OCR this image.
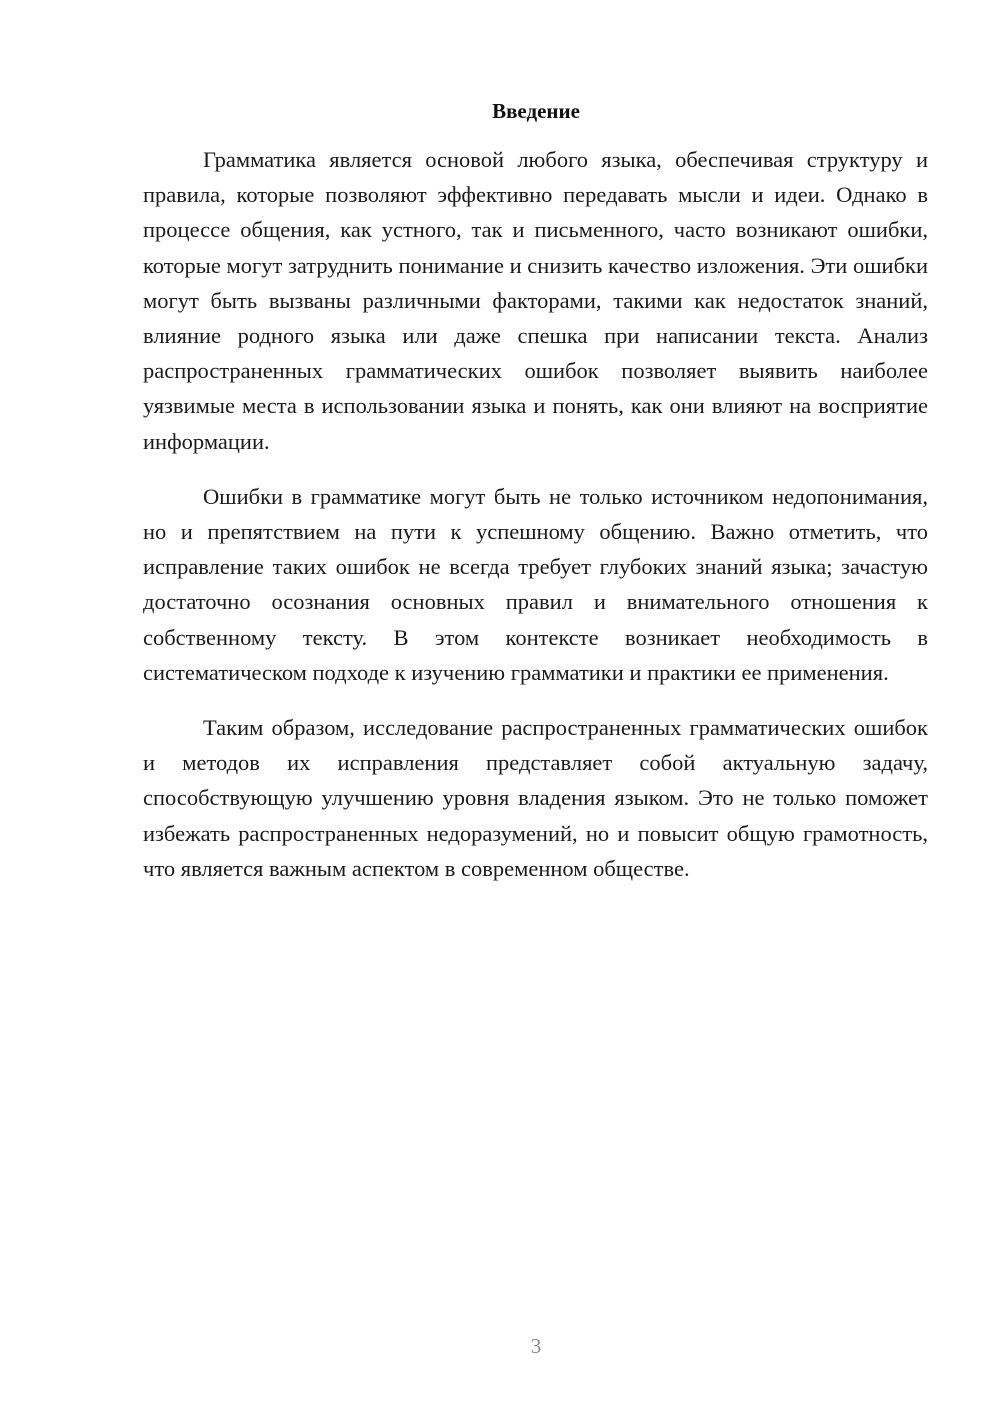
Введение

Грамматика является основой любого языка, обеспечивая структуру и правила, которые позволяют эффективно передавать мысли и идеи. Однако в процессе общения, как устного, так и письменного, часто возникают ошибки, которые могут затруднить понимание и снизить качество изложения. Эти ошибки могут быть вызваны различными факторами, такими как недостаток знаний, влияние родного языка или даже спешка при написании текста. Анализ распространенных грамматических ошибок позволяет выявить наиболее уязвимые места в использовании языка и понять, как они влияют на восприятие информации.

Ошибки в грамматике могут быть не только источником недопонимания, но и препятствием на пути к успешному общению. Важно отметить, что исправление таких ошибок не всегда требует глубоких знаний языка; зачастую достаточно осознания основных правил и внимательного отношения к собственному тексту. В этом контексте возникает необходимость в систематическом подходе к изучению грамматики и практики ее применения.

Таким образом, исследование распространенных грамматических ошибок и методов их исправления представляет собой актуальную задачу, способствующую улучшению уровня владения языком. Это не только поможет избежать распространенных недоразумений, но и повысит общую грамотность, что является важным аспектом в современном обществе.

3
